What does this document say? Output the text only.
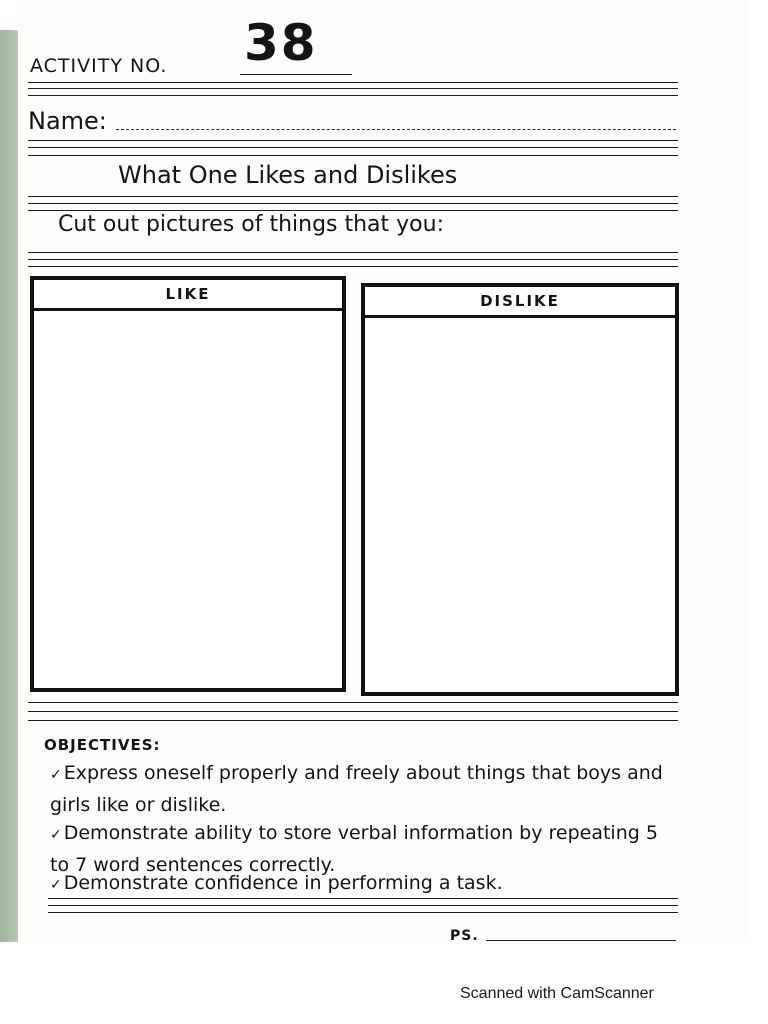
ACTIVITY NO. 38
Name:
What One Likes and Dislikes
Cut out pictures of things that you:
LIKE	DISLIKE
OBJECTIVES:
✓ Express oneself properly and freely about things that boys and girls like or dislike.
✓ Demonstrate ability to store verbal information by repeating 5 to 7 word sentences correctly.
✓ Demonstrate confidence in performing a task.
PS.
Scanned with CamScanner
